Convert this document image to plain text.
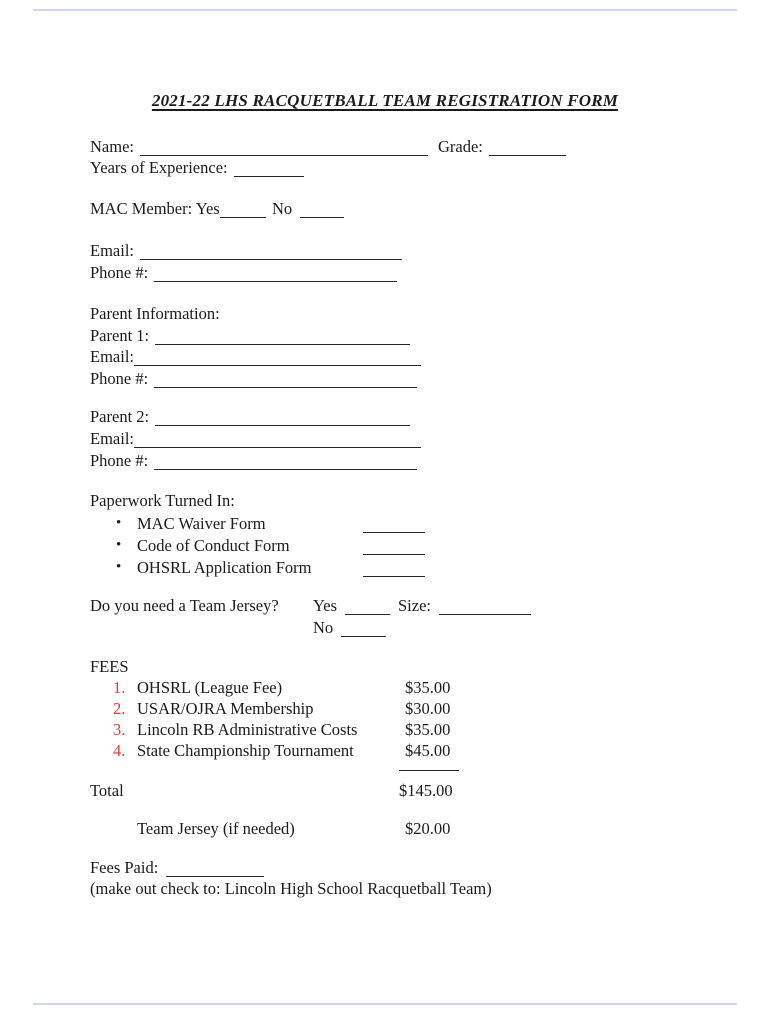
2021-22 LHS RACQUETBALL TEAM REGISTRATION FORM
Name:	Grade:
Years of Experience:
MAC Member: Yes	No
Email:
Phone #:
Parent Information:
Parent 1:
Email:
Phone #:
Parent 2:
Email:
Phone #:
Paperwork Turned In:
• MAC Waiver Form
• Code of Conduct Form
• OHSRL Application Form
Do you need a Team Jersey? Yes	Size:
No
FEES
1. OHSRL (League Fee)	$35.00
2. USAR/OJRA Membership	$30.00
3. Lincoln RB Administrative Costs	$35.00
4. State Championship Tournament	$45.00
Total	$145.00
Team Jersey (if needed)	$20.00
Fees Paid:
(make out check to: Lincoln High School Racquetball Team)
